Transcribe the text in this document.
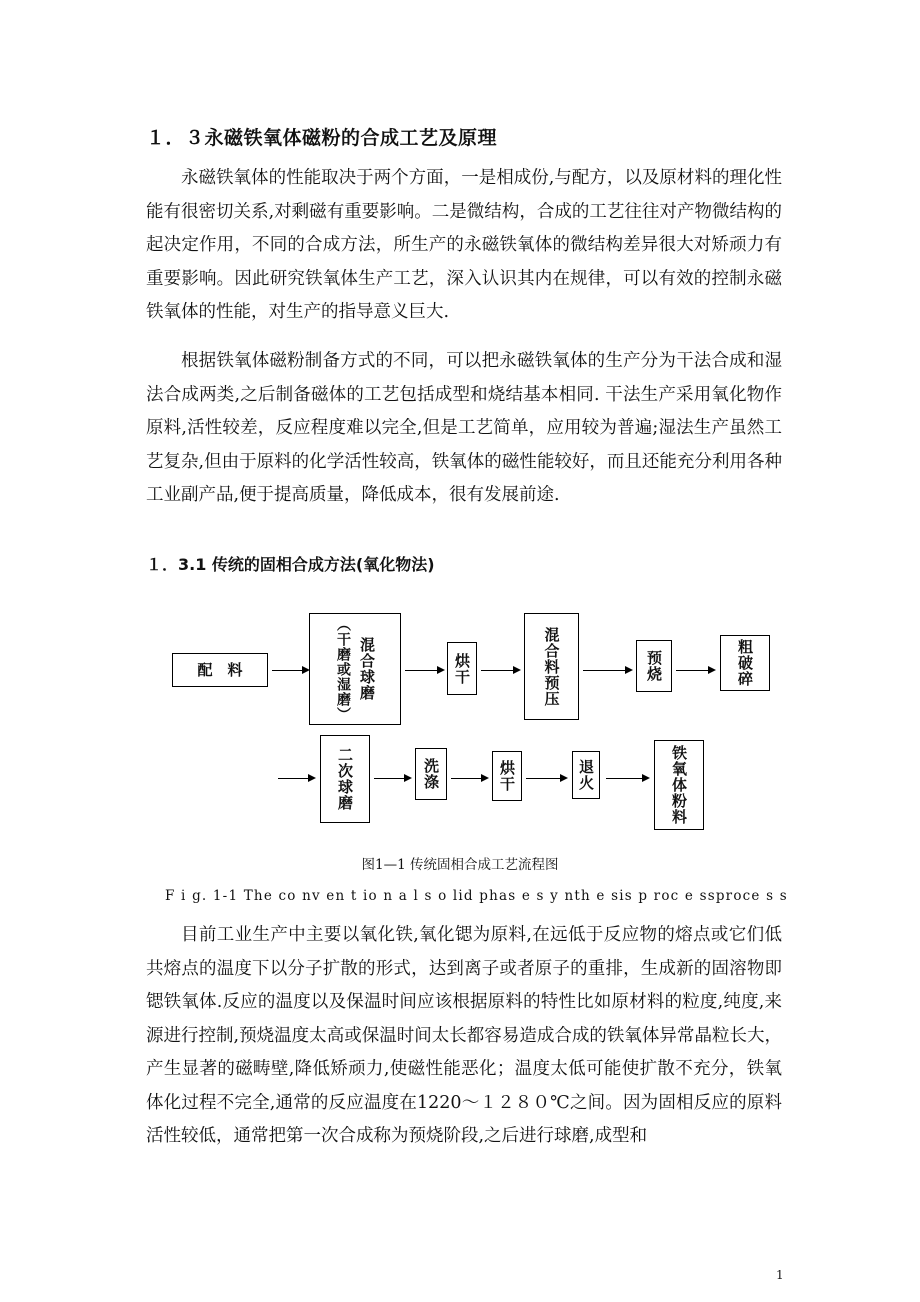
１．３永磁铁氧体磁粉的合成工艺及原理

永磁铁氧体的性能取决于两个方面，一是相成份,与配方，以及原材料的理化性能有很密切关系,对剩磁有重要影响。二是微结构，合成的工艺往往对产物微结构的起决定作用，不同的合成方法，所生产的永磁铁氧体的微结构差异很大对矫顽力有重要影响。因此研究铁氧体生产工艺，深入认识其内在规律，可以有效的控制永磁铁氧体的性能，对生产的指导意义巨大.

根据铁氧体磁粉制备方式的不同，可以把永磁铁氧体的生产分为干法合成和湿法合成两类,之后制备磁体的工艺包括成型和烧结基本相同. 干法生产采用氧化物作原料,活性较差，反应程度难以完全,但是工艺简单，应用较为普遍;湿法生产虽然工艺复杂,但由于原料的化学活性较高，铁氧体的磁性能较好，而且还能充分利用各种工业副产品,便于提高质量，降低成本，很有发展前途.

１．3.1 传统的固相合成方法(氧化物法)
配　料	混合球磨
（干磨或湿磨）	烘干	混合料预压	预烧	粗破碎
二次球磨	洗涤	烘干	退火	铁氧体粉料
图1—1 传统固相合成工艺流程图
F i g. 1-1 The co nv en t io n a l s o lid phas e s y nth e sis p roc e ssproce s s

目前工业生产中主要以氧化铁,氧化锶为原料,在远低于反应物的熔点或它们低共熔点的温度下以分子扩散的形式，达到离子或者原子的重排，生成新的固溶物即锶铁氧体.反应的温度以及保温时间应该根据原料的特性比如原材料的粒度,纯度,来源进行控制,预烧温度太高或保温时间太长都容易造成合成的铁氧体异常晶粒长大，产生显著的磁畴壁,降低矫顽力,使磁性能恶化；温度太低可能使扩散不充分，铁氧体化过程不完全,通常的反应温度在1220～１２８０℃之间。因为固相反应的原料活性较低，通常把第一次合成称为预烧阶段,之后进行球磨,成型和

1
